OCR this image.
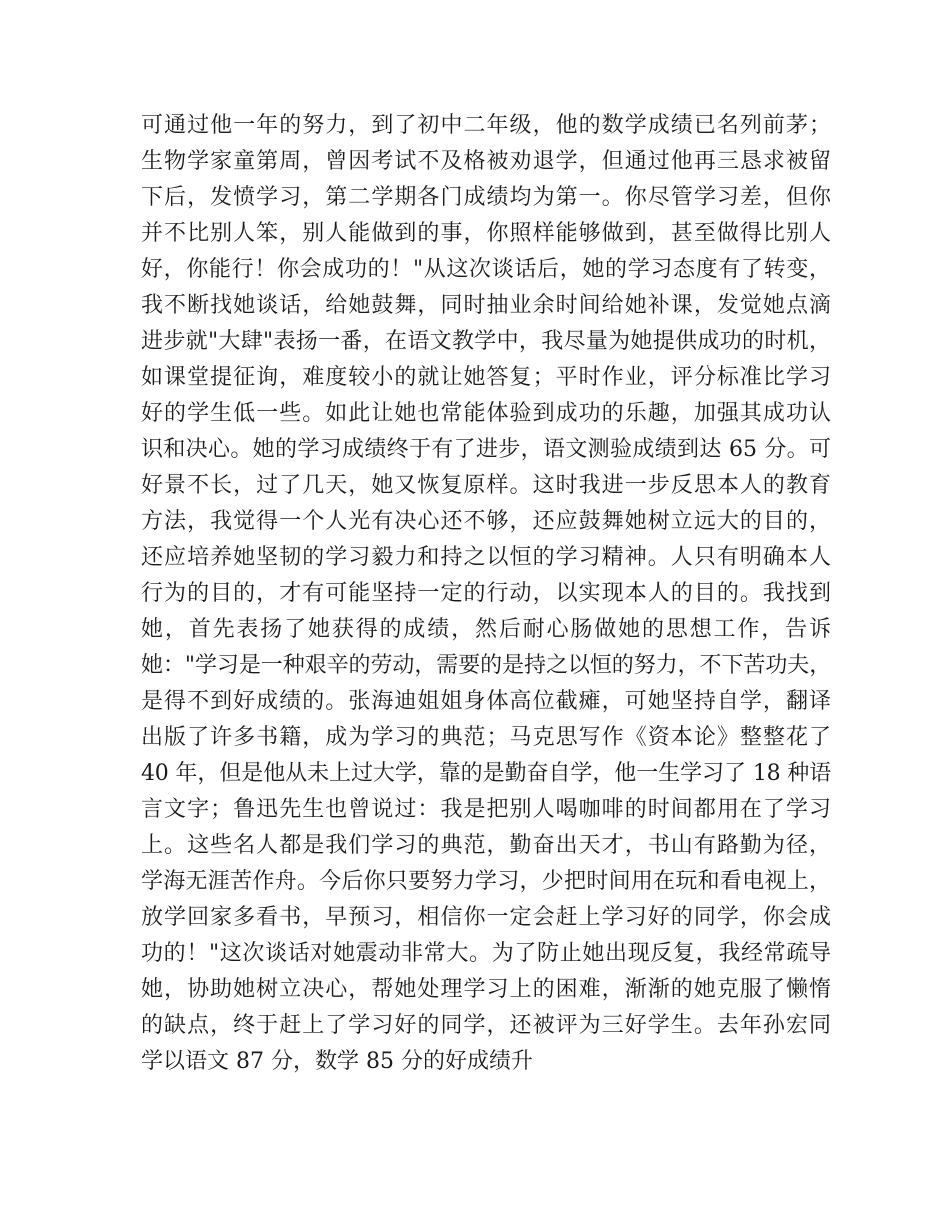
可通过他一年的努力，到了初中二年级，他的数学成绩已名列前茅；
生物学家童第周，曾因考试不及格被劝退学，但通过他再三恳求被留
下后，发愤学习，第二学期各门成绩均为第一。你尽管学习差，但你
并不比别人笨，别人能做到的事，你照样能够做到，甚至做得比别人
好，你能行！你会成功的！"从这次谈话后，她的学习态度有了转变，
我不断找她谈话，给她鼓舞，同时抽业余时间给她补课，发觉她点滴
进步就"大肆"表扬一番，在语文教学中，我尽量为她提供成功的时机，
如课堂提征询，难度较小的就让她答复；平时作业，评分标准比学习
好的学生低一些。如此让她也常能体验到成功的乐趣，加强其成功认
识和决心。她的学习成绩终于有了进步，语文测验成绩到达 65 分。可
好景不长，过了几天，她又恢复原样。这时我进一步反思本人的教育
方法，我觉得一个人光有决心还不够，还应鼓舞她树立远大的目的，
还应培养她坚韧的学习毅力和持之以恒的学习精神。人只有明确本人
行为的目的，才有可能坚持一定的行动，以实现本人的目的。我找到
她，首先表扬了她获得的成绩，然后耐心肠做她的思想工作，告诉
她："学习是一种艰辛的劳动，需要的是持之以恒的努力，不下苦功夫，
是得不到好成绩的。张海迪姐姐身体高位截瘫，可她坚持自学，翻译
出版了许多书籍，成为学习的典范；马克思写作《资本论》整整花了
40 年，但是他从未上过大学，靠的是勤奋自学，他一生学习了 18 种语
言文字；鲁迅先生也曾说过：我是把别人喝咖啡的时间都用在了学习
上。这些名人都是我们学习的典范，勤奋出天才，书山有路勤为径，
学海无涯苦作舟。今后你只要努力学习，少把时间用在玩和看电视上，
放学回家多看书，早预习，相信你一定会赶上学习好的同学，你会成
功的！"这次谈话对她震动非常大。为了防止她出现反复，我经常疏导
她，协助她树立决心，帮她处理学习上的困难，渐渐的她克服了懒惰
的缺点，终于赶上了学习好的同学，还被评为三好学生。去年孙宏同
学以语文 87 分，数学 85 分的好成绩升
